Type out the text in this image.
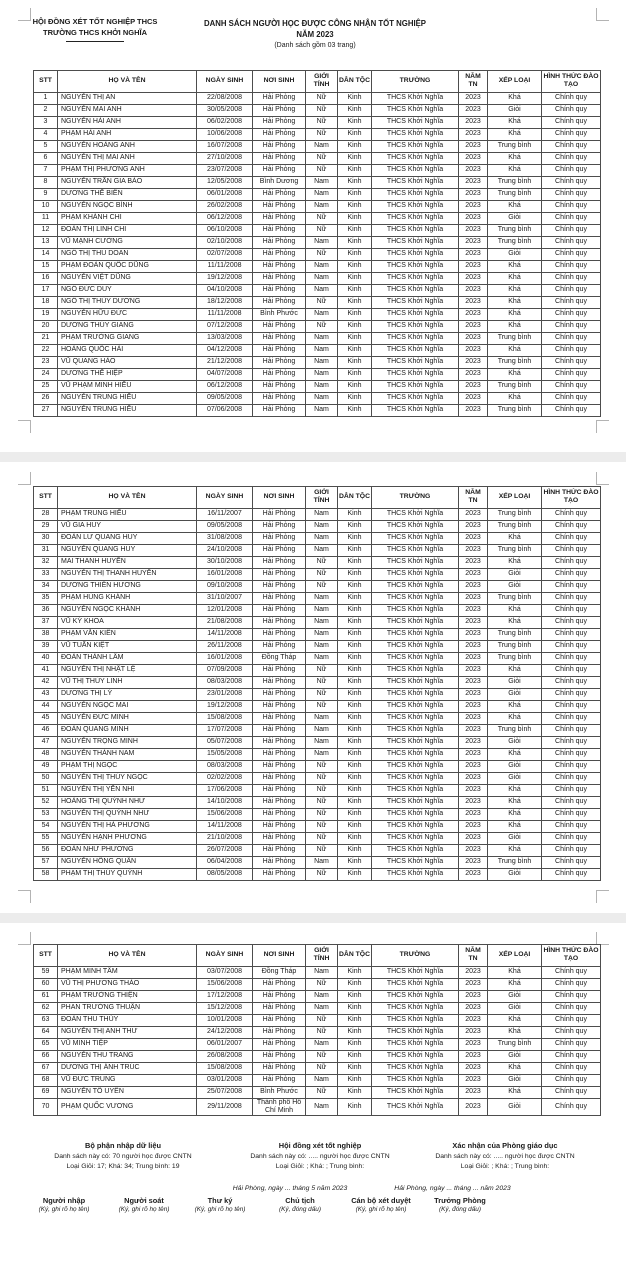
HỘI ĐỒNG XÉT TỐT NGHIỆP THCS
TRƯỜNG THCS KHỞI NGHĨA
DANH SÁCH NGƯỜI HỌC ĐƯỢC CÔNG NHẬN TỐT NGHIỆP
NĂM 2023
(Danh sách gồm 03 trang)
STT	HỌ VÀ TÊN	NGÀY SINH	NƠI SINH	GIỚI TÍNH	DÂN TỘC	TRƯỜNG	NĂM TN	XẾP LOẠI	HÌNH THỨC ĐÀO TẠO
1	NGUYỄN THỊ AN	22/08/2008	Hải Phòng	Nữ	Kinh	THCS Khởi Nghĩa	2023	Khá	Chính quy
2	NGUYỄN MAI ANH	30/05/2008	Hải Phòng	Nữ	Kinh	THCS Khởi Nghĩa	2023	Giỏi	Chính quy
3	NGUYỄN HẢI ANH	06/02/2008	Hải Phòng	Nữ	Kinh	THCS Khởi Nghĩa	2023	Khá	Chính quy
4	PHẠM HẢI ANH	10/06/2008	Hải Phòng	Nữ	Kinh	THCS Khởi Nghĩa	2023	Khá	Chính quy
5	NGUYỄN HOÀNG ANH	16/07/2008	Hải Phòng	Nam	Kinh	THCS Khởi Nghĩa	2023	Trung bình	Chính quy
6	NGUYỄN THỊ MAI ANH	27/10/2008	Hải Phòng	Nữ	Kinh	THCS Khởi Nghĩa	2023	Khá	Chính quy
7	PHẠM THỊ PHƯƠNG ANH	23/07/2008	Hải Phòng	Nữ	Kinh	THCS Khởi Nghĩa	2023	Khá	Chính quy
8	NGUYỄN TRẦN GIA BẢO	12/05/2008	Bình Dương	Nam	Kinh	THCS Khởi Nghĩa	2023	Trung bình	Chính quy
9	DƯƠNG THẾ BIỂN	06/01/2008	Hải Phòng	Nam	Kinh	THCS Khởi Nghĩa	2023	Trung bình	Chính quy
10	NGUYỄN NGỌC BÌNH	26/02/2008	Hải Phòng	Nam	Kinh	THCS Khởi Nghĩa	2023	Khá	Chính quy
11	PHẠM KHÁNH CHI	06/12/2008	Hải Phòng	Nữ	Kinh	THCS Khởi Nghĩa	2023	Giỏi	Chính quy
12	ĐOÀN THỊ LINH CHI	06/10/2008	Hải Phòng	Nữ	Kinh	THCS Khởi Nghĩa	2023	Trung bình	Chính quy
13	VŨ MẠNH CƯỜNG	02/10/2008	Hải Phòng	Nam	Kinh	THCS Khởi Nghĩa	2023	Trung bình	Chính quy
14	NGÔ THỊ THU DOAN	02/07/2008	Hải Phòng	Nữ	Kinh	THCS Khởi Nghĩa	2023	Giỏi	Chính quy
15	PHẠM ĐOÀN QUỐC DŨNG	11/11/2008	Hải Phòng	Nam	Kinh	THCS Khởi Nghĩa	2023	Khá	Chính quy
16	NGUYỄN VIỆT DŨNG	19/12/2008	Hải Phòng	Nam	Kinh	THCS Khởi Nghĩa	2023	Khá	Chính quy
17	NGÔ ĐỨC DUY	04/10/2008	Hải Phòng	Nam	Kinh	THCS Khởi Nghĩa	2023	Khá	Chính quy
18	NGÔ THỊ THÙY DƯƠNG	18/12/2008	Hải Phòng	Nữ	Kinh	THCS Khởi Nghĩa	2023	Khá	Chính quy
19	NGUYỄN HỮU ĐỨC	11/11/2008	Bình Phước	Nam	Kinh	THCS Khởi Nghĩa	2023	Khá	Chính quy
20	DƯƠNG THÚY GIANG	07/12/2008	Hải Phòng	Nữ	Kinh	THCS Khởi Nghĩa	2023	Khá	Chính quy
21	PHẠM TRƯỜNG GIANG	13/03/2008	Hải Phòng	Nam	Kinh	THCS Khởi Nghĩa	2023	Trung bình	Chính quy
22	HOÀNG QUỐC HẢI	04/12/2008	Hải Phòng	Nam	Kinh	THCS Khởi Nghĩa	2023	Khá	Chính quy
23	VŨ QUANG HÀO	21/12/2008	Hải Phòng	Nam	Kinh	THCS Khởi Nghĩa	2023	Trung bình	Chính quy
24	DƯƠNG THẾ HIỆP	04/07/2008	Hải Phòng	Nam	Kinh	THCS Khởi Nghĩa	2023	Khá	Chính quy
25	VŨ PHẠM MINH HIẾU	06/12/2008	Hải Phòng	Nam	Kinh	THCS Khởi Nghĩa	2023	Trung bình	Chính quy
26	NGUYỄN TRUNG HIẾU	09/05/2008	Hải Phòng	Nam	Kinh	THCS Khởi Nghĩa	2023	Khá	Chính quy
27	NGUYỄN TRUNG HIẾU	07/06/2008	Hải Phòng	Nam	Kinh	THCS Khởi Nghĩa	2023	Trung bình	Chính quy
STT	HỌ VÀ TÊN	NGÀY SINH	NƠI SINH	GIỚI TÍNH	DÂN TỘC	TRƯỜNG	NĂM TN	XẾP LOẠI	HÌNH THỨC ĐÀO TẠO
28	PHẠM TRUNG HIẾU	16/11/2007	Hải Phòng	Nam	Kinh	THCS Khởi Nghĩa	2023	Trung bình	Chính quy
29	VŨ GIA HUY	09/05/2008	Hải Phòng	Nam	Kinh	THCS Khởi Nghĩa	2023	Trung bình	Chính quy
30	ĐOÀN LƯ QUANG HUY	31/08/2008	Hải Phòng	Nam	Kinh	THCS Khởi Nghĩa	2023	Khá	Chính quy
31	NGUYỄN QUANG HUY	24/10/2008	Hải Phòng	Nam	Kinh	THCS Khởi Nghĩa	2023	Trung bình	Chính quy
32	MAI THANH HUYỀN	30/10/2008	Hải Phòng	Nữ	Kinh	THCS Khởi Nghĩa	2023	Khá	Chính quy
33	NGUYỄN THỊ THANH HUYỀN	16/01/2008	Hải Phòng	Nữ	Kinh	THCS Khởi Nghĩa	2023	Giỏi	Chính quy
34	DƯƠNG THIÊN HƯƠNG	09/10/2008	Hải Phòng	Nữ	Kinh	THCS Khởi Nghĩa	2023	Giỏi	Chính quy
35	PHẠM HÙNG KHÁNH	31/10/2007	Hải Phòng	Nam	Kinh	THCS Khởi Nghĩa	2023	Trung bình	Chính quy
36	NGUYỄN NGỌC KHÁNH	12/01/2008	Hải Phòng	Nam	Kinh	THCS Khởi Nghĩa	2023	Khá	Chính quy
37	VŨ KỲ KHOA	21/08/2008	Hải Phòng	Nam	Kinh	THCS Khởi Nghĩa	2023	Khá	Chính quy
38	PHẠM VĂN KIÊN	14/11/2008	Hải Phòng	Nam	Kinh	THCS Khởi Nghĩa	2023	Trung bình	Chính quy
39	VŨ TUẤN KIỆT	26/11/2008	Hải Phòng	Nam	Kinh	THCS Khởi Nghĩa	2023	Trung bình	Chính quy
40	ĐOÀN THÀNH LÂM	16/01/2008	Đồng Tháp	Nam	Kinh	THCS Khởi Nghĩa	2023	Trung bình	Chính quy
41	NGUYỄN THỊ NHẬT LỆ	07/09/2008	Hải Phòng	Nữ	Kinh	THCS Khởi Nghĩa	2023	Khá	Chính quy
42	VŨ THỊ THÙY LINH	08/03/2008	Hải Phòng	Nữ	Kinh	THCS Khởi Nghĩa	2023	Giỏi	Chính quy
43	DƯƠNG THỊ LÝ	23/01/2008	Hải Phòng	Nữ	Kinh	THCS Khởi Nghĩa	2023	Giỏi	Chính quy
44	NGUYỄN NGỌC MAI	19/12/2008	Hải Phòng	Nữ	Kinh	THCS Khởi Nghĩa	2023	Khá	Chính quy
45	NGUYỄN ĐỨC MINH	15/08/2008	Hải Phòng	Nam	Kinh	THCS Khởi Nghĩa	2023	Khá	Chính quy
46	ĐOÀN QUANG MINH	17/07/2008	Hải Phòng	Nam	Kinh	THCS Khởi Nghĩa	2023	Trung bình	Chính quy
47	NGUYỄN TRỌNG MINH	05/07/2008	Hải Phòng	Nam	Kinh	THCS Khởi Nghĩa	2023	Giỏi	Chính quy
48	NGUYỄN THÀNH NAM	15/05/2008	Hải Phòng	Nam	Kinh	THCS Khởi Nghĩa	2023	Khá	Chính quy
49	PHẠM THỊ NGỌC	08/03/2008	Hải Phòng	Nữ	Kinh	THCS Khởi Nghĩa	2023	Giỏi	Chính quy
50	NGUYỄN THỊ THÚY NGỌC	02/02/2008	Hải Phòng	Nữ	Kinh	THCS Khởi Nghĩa	2023	Giỏi	Chính quy
51	NGUYỄN THỊ YẾN NHI	17/06/2008	Hải Phòng	Nữ	Kinh	THCS Khởi Nghĩa	2023	Khá	Chính quy
52	HOÀNG THỊ QUỲNH NHƯ	14/10/2008	Hải Phòng	Nữ	Kinh	THCS Khởi Nghĩa	2023	Khá	Chính quy
53	NGUYỄN THỊ QUỲNH NHƯ	15/06/2008	Hải Phòng	Nữ	Kinh	THCS Khởi Nghĩa	2023	Khá	Chính quy
54	NGUYỄN THỊ HÀ PHƯƠNG	14/11/2008	Hải Phòng	Nữ	Kinh	THCS Khởi Nghĩa	2023	Khá	Chính quy
55	NGUYỄN HẠNH PHƯƠNG	21/10/2008	Hải Phòng	Nữ	Kinh	THCS Khởi Nghĩa	2023	Giỏi	Chính quy
56	ĐOÀN NHƯ PHƯƠNG	26/07/2008	Hải Phòng	Nữ	Kinh	THCS Khởi Nghĩa	2023	Khá	Chính quy
57	NGUYỄN HỒNG QUÂN	06/04/2008	Hải Phòng	Nam	Kinh	THCS Khởi Nghĩa	2023	Trung bình	Chính quy
58	PHẠM THỊ THÚY QUỲNH	08/05/2008	Hải Phòng	Nữ	Kinh	THCS Khởi Nghĩa	2023	Giỏi	Chính quy
STT	HỌ VÀ TÊN	NGÀY SINH	NƠI SINH	GIỚI TÍNH	DÂN TỘC	TRƯỜNG	NĂM TN	XẾP LOẠI	HÌNH THỨC ĐÀO TẠO
59	PHẠM MINH TÂM	03/07/2008	Đồng Tháp	Nam	Kinh	THCS Khởi Nghĩa	2023	Khá	Chính quy
60	VŨ THỊ PHƯƠNG THẢO	15/06/2008	Hải Phòng	Nữ	Kinh	THCS Khởi Nghĩa	2023	Khá	Chính quy
61	PHẠM TRƯỜNG THIỆN	17/12/2008	Hải Phòng	Nam	Kinh	THCS Khởi Nghĩa	2023	Giỏi	Chính quy
62	PHAN TRƯỜNG THUẬN	15/12/2008	Hải Phòng	Nam	Kinh	THCS Khởi Nghĩa	2023	Giỏi	Chính quy
63	ĐOÀN THU THỦY	10/01/2008	Hải Phòng	Nữ	Kinh	THCS Khởi Nghĩa	2023	Khá	Chính quy
64	NGUYỄN THỊ ANH THƯ	24/12/2008	Hải Phòng	Nữ	Kinh	THCS Khởi Nghĩa	2023	Khá	Chính quy
65	VŨ MINH TIỆP	06/01/2007	Hải Phòng	Nam	Kinh	THCS Khởi Nghĩa	2023	Trung bình	Chính quy
66	NGUYỄN THU TRANG	26/08/2008	Hải Phòng	Nữ	Kinh	THCS Khởi Nghĩa	2023	Giỏi	Chính quy
67	DƯƠNG THỊ ÁNH TRÚC	15/08/2008	Hải Phòng	Nữ	Kinh	THCS Khởi Nghĩa	2023	Khá	Chính quy
68	VŨ ĐỨC TRUNG	03/01/2008	Hải Phòng	Nam	Kinh	THCS Khởi Nghĩa	2023	Giỏi	Chính quy
69	NGUYỄN TỐ UYÊN	25/07/2008	Bình Phước	Nữ	Kinh	THCS Khởi Nghĩa	2023	Khá	Chính quy
70	PHẠM QUỐC VƯƠNG	29/11/2008	Thành phố Hồ Chí Minh	Nam	Kinh	THCS Khởi Nghĩa	2023	Giỏi	Chính quy
Bộ phận nhập dữ liệu
Danh sách này có: 70 người học được CNTN
Loại Giỏi: 17; Khá: 34; Trung bình: 19
Hội đồng xét tốt nghiệp
Danh sách này có: ..... người học được CNTN
Loại Giỏi: ; Khá: ; Trung bình:
Xác nhận của Phòng giáo dục
Danh sách này có: ..... người học được CNTN
Loại Giỏi: ; Khá: ; Trung bình:
Hải Phòng, ngày ... tháng 5 năm 2023	Hải Phòng, ngày ... tháng ... năm 2023
Người nhập
(Ký, ghi rõ họ tên)
Người soát
(Ký, ghi rõ họ tên)
Thư ký
(Ký, ghi rõ họ tên)
Chủ tịch
(Ký, đóng dấu)
Cán bộ xét duyệt
(Ký, ghi rõ họ tên)
Trưởng Phòng
(Ký, đóng dấu)
